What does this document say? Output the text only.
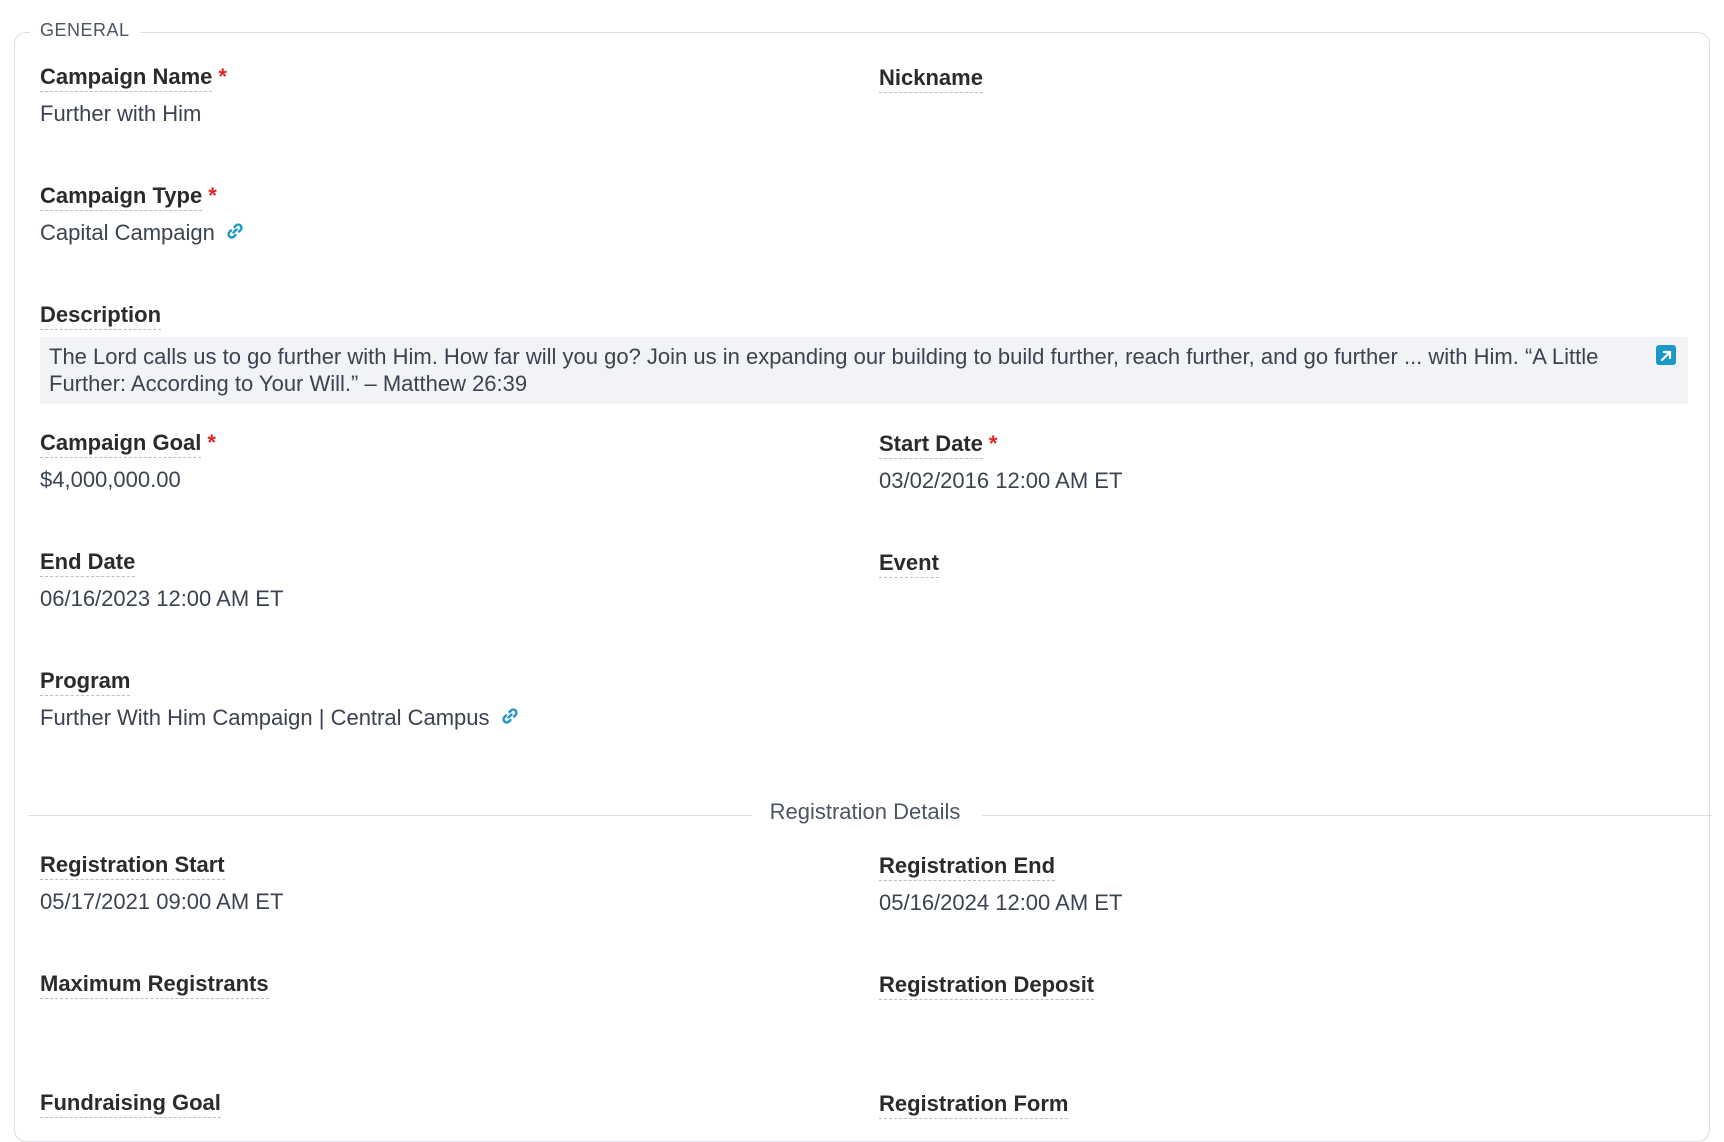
GENERAL
Campaign Name *
Further with Him
Nickname
Campaign Type *
Capital Campaign
Description
The Lord calls us to go further with Him. How far will you go? Join us in expanding our building to build further, reach further, and go further ... with Him. “A Little Further: According to Your Will.” – Matthew 26:39
Campaign Goal *
$4,000,000.00
Start Date *
03/02/2016 12:00 AM ET
End Date
06/16/2023 12:00 AM ET
Event
Program
Further With Him Campaign | Central Campus
Registration Details
Registration Start
05/17/2021 09:00 AM ET
Registration End
05/16/2024 12:00 AM ET
Maximum Registrants	Registration Deposit
Fundraising Goal	Registration Form
